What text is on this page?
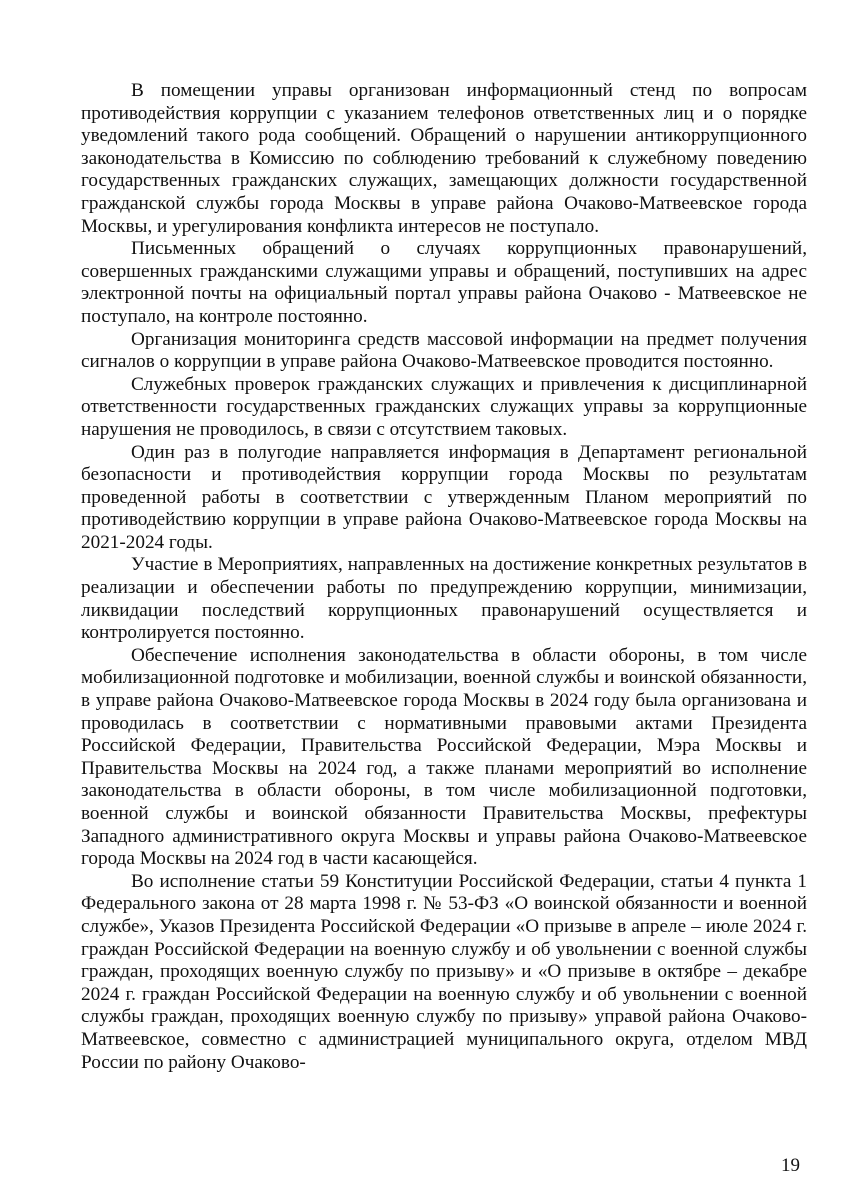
В помещении управы организован информационный стенд по вопросам противодействия коррупции с указанием телефонов ответственных лиц и о порядке уведомлений такого рода сообщений. Обращений о нарушении антикоррупционного законодательства в Комиссию по соблюдению требований к служебному поведению государственных гражданских служащих, замещающих должности государственной гражданской службы города Москвы в управе района Очаково-Матвеевское города Москвы, и урегулирования конфликта интересов не поступало.

Письменных обращений о случаях коррупционных правонарушений, совершенных гражданскими служащими управы и обращений, поступивших на адрес электронной почты на официальный портал управы района Очаково - Матвеевское не поступало, на контроле постоянно.

Организация мониторинга средств массовой информации на предмет получения сигналов о коррупции в управе района Очаково-Матвеевское проводится постоянно.

Служебных проверок гражданских служащих и привлечения к дисциплинарной ответственности государственных гражданских служащих управы за коррупционные нарушения не проводилось, в связи с отсутствием таковых.

Один раз в полугодие направляется информация в Департамент региональной безопасности и противодействия коррупции города Москвы по результатам проведенной работы в соответствии с утвержденным Планом мероприятий по противодействию коррупции в управе района Очаково-Матвеевское города Москвы на 2021-2024 годы.

Участие в Мероприятиях, направленных на достижение конкретных результатов в реализации и обеспечении работы по предупреждению коррупции, минимизации, ликвидации последствий коррупционных правонарушений осуществляется и контролируется постоянно.

Обеспечение исполнения законодательства в области обороны, в том числе мобилизационной подготовке и мобилизации, военной службы и воинской обязанности, в управе района Очаково-Матвеевское города Москвы в 2024 году была организована и проводилась в соответствии с нормативными правовыми актами Президента Российской Федерации, Правительства Российской Федерации, Мэра Москвы и Правительства Москвы на 2024 год, а также планами мероприятий во исполнение законодательства в области обороны, в том числе мобилизационной подготовки, военной службы и воинской обязанности Правительства Москвы, префектуры Западного административного округа Москвы и управы района Очаково-Матвеевское города Москвы на 2024 год в части касающейся.

Во исполнение статьи 59 Конституции Российской Федерации, статьи 4 пункта 1 Федерального закона от 28 марта 1998 г. № 53-ФЗ «О воинской обязанности и военной службе», Указов Президента Российской Федерации «О призыве в апреле – июле 2024 г. граждан Российской Федерации на военную службу и об увольнении с военной службы граждан, проходящих военную службу по призыву» и «О призыве в октябре – декабре 2024 г. граждан Российской Федерации на военную службу и об увольнении с военной службы граждан, проходящих военную службу по призыву» управой района Очаково-Матвеевское, совместно с администрацией муниципального округа, отделом МВД России по району Очаково-

19
